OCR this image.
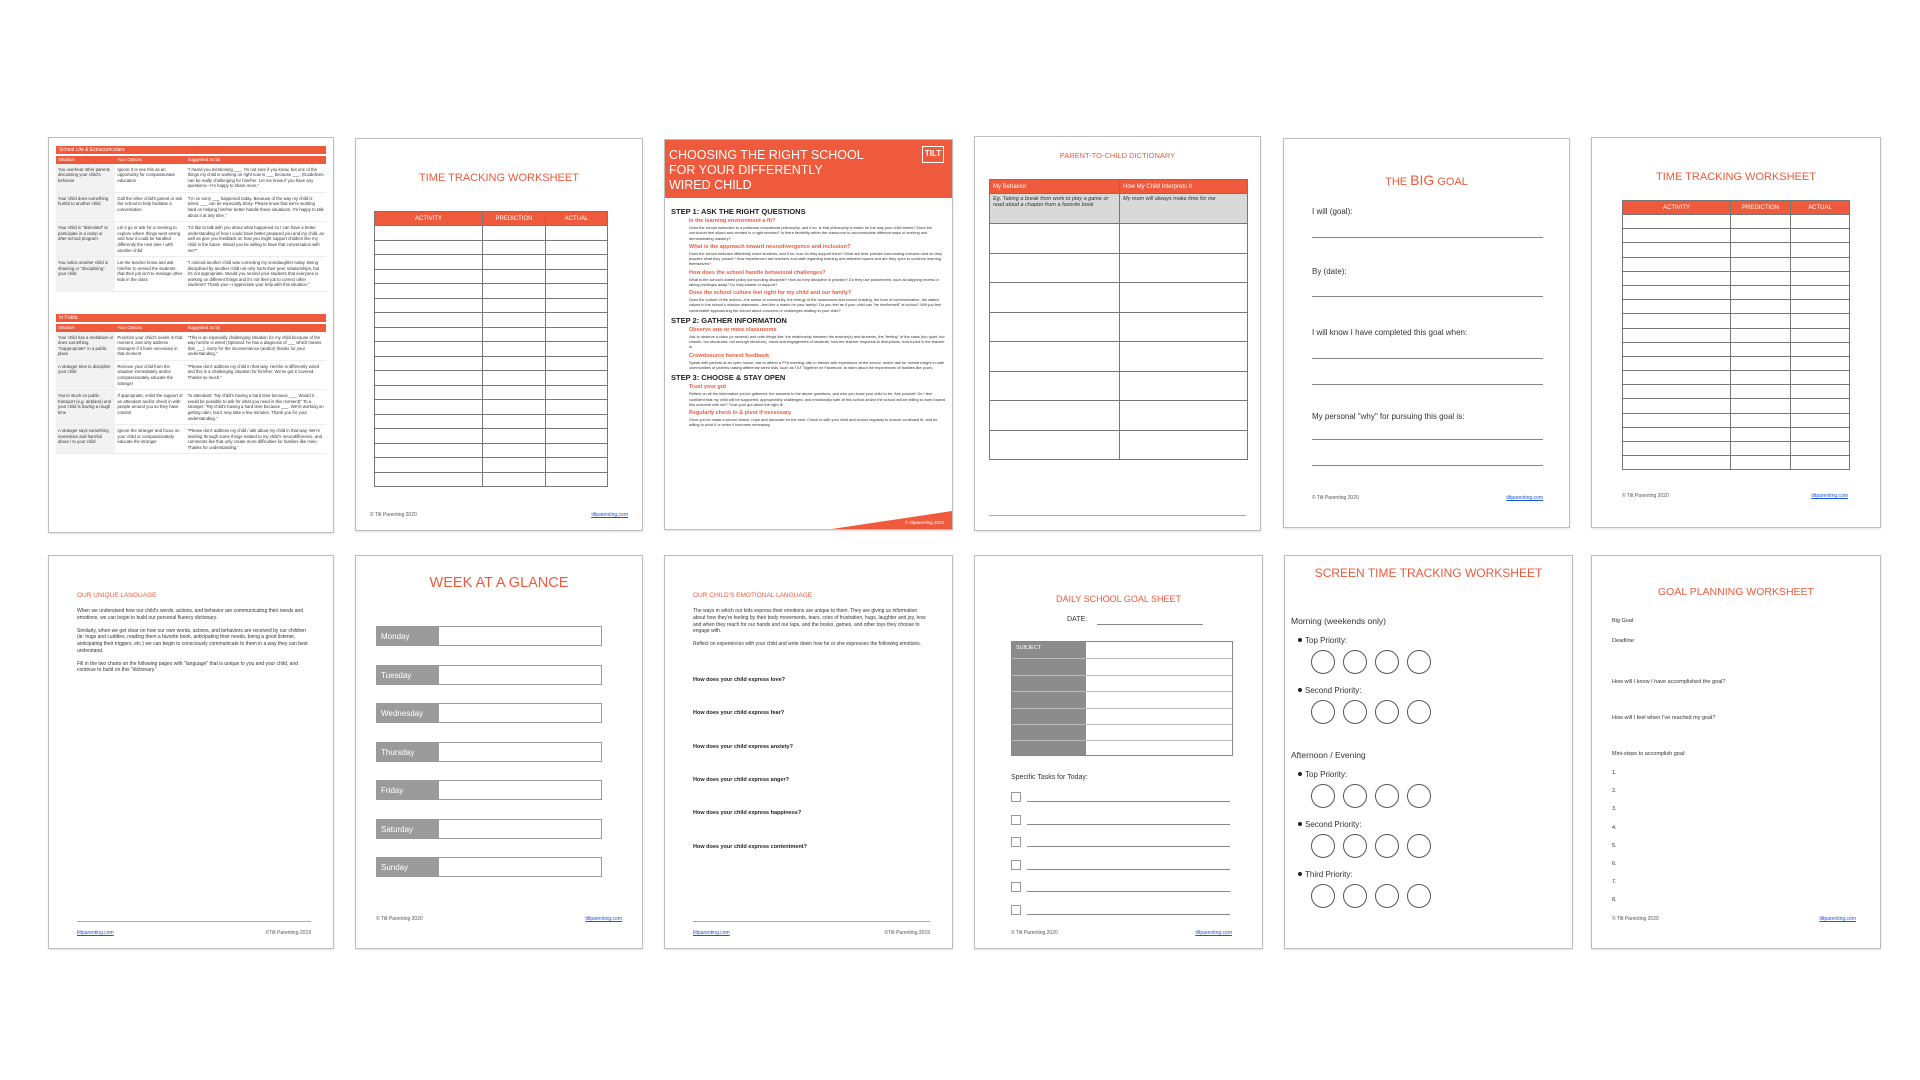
School Life & Extracurriculars
Situation	Your Options	Suggested Script
You overhear other parents discussing your child's behavior	Ignore it or see this as an opportunity for compassionate education	"I heard you mentioning ___. I'm not sure if you know, but one of the things my child is working on right now is ___ because ___. (Guidelines can be really challenging for him/her. Let me know if you have any questions—I'm happy to share more."
Your child does something hurtful to another child	Call the other child's parent or ask the school to help facilitate a conversation	"I'm so sorry ___ happened today. Because of the way my child is wired, ___ can be especially tricky. Please know that we're working hard on helping him/her better handle these situations. I'm happy to talk about it at any time."
Your child is "disinvited" to participate in a camp or after-school program	Let it go or ask for a meeting to explore where things went wrong and how it could be handled differently the next time / with another child	"I'd like to talk with you about what happened so I can have a better understanding of how I could have better prepared you and my child, as well as give you feedback on how you might support children like my child in the future. Would you be willing to have that conversation with me?"
You notice another child is shaming or "disciplining" your child	Let the teacher know and ask him/her to remind the students that their job isn't to manage other kids in the class	"I noticed another child was correcting my son/daughter today. Being disciplined by another child not only hurts their peer relationships, but it's not appropriate. Would you remind your students that everyone is working on different things and it's not their job to correct other students? Thank you—I appreciate your help with this situation."
In Public
Situation	Your Options	Suggested Script
Your child has a meltdown or does something "inappropriate" in a public place	Prioritize your child's needs in that moment, and only address strangers if it feels necessary in that moment	"This is an especially challenging situation for my child because of the way he/she is wired (Optional: he has a diagnosis of ___ which means that ___). Sorry for the inconvenience (and/or) thanks for your understanding."
A stranger tries to discipline your child	Remove your child from the situation immediately and/or compassionately educate the stranger	"Please don't address my child in that way. He/she is differently wired and this is a challenging situation for him/her. We've got it covered. Thanks so much."
You're stuck on public transport (e.g. airplane) and your child is having a rough time	If appropriate, enlist the support of an attendant and/or check in with people around you so they have context	To attendant: "My child's having a hard time because ___. Would it would be possible to ask for what you need in this moment)" To a stranger: "My child's having a hard time because ___. We're working on getting calm, but it may take a few minutes. Thank you for your understanding."
A stranger says something insensitive and harmful about / to your child	Ignore the stranger and focus on your child or compassionately educate the stranger	"Please don't address my child / talk about my child in that way. We're working through some things related to my child's neurodifference, and comments like that only create more difficulties for families like mine. Thanks for understanding."
TIME TRACKING WORKSHEET
ACTIVITY	PREDICTION	ACTUAL

© Tilt Parenting 2020	tiltparenting.com
CHOOSING THE RIGHT SCHOOL
FOR YOUR DIFFERENTLY
WIRED CHILD
TILT
STEP 1: ASK THE RIGHT QUESTIONS
Is the learning environment a fit?
Does the school subscribe to a particular educational philosophy, and if so, is that philosophy a match for the way your child learns? Does the curriculum feel siloed and created in a rigid mindset? Is there flexibility within the classroom to accommodate different ways of working and demonstrating mastery?
What is the approach toward neurodivergence and inclusion?
Does the school embrace differently wired students, and if so, how do they support them? What are their policies surrounding inclusion and do they practice what they preach? How experienced are teachers and staff regarding learning and attention issues and are they open to continue learning themselves?
How does the school handle behavioral challenges?
What is the school's stated policy surrounding discipline? How do they discipline in practice? Do they use punishment, such as skipping recess or taking privileges away? Do they shame or support?
Does the school culture feel right for my child and our family?
Does the culture of the school—the sense of community, the energy of the classrooms and school building, the tone of communication, the stated values in the school's mission statement—feel like a match for your family? Do you feel as if your child can "be him/herself" at school? Will you feel comfortable approaching the school about concerns or challenges relating to your child?
STEP 2: GATHER INFORMATION
Observe one or more classrooms
Ask to observe a class (or several) and note things like: the relationship between the teacher(s) and students, the "feeling" of the class (too quiet, too chaotic, too structured, not enough structure), mood and engagement of students, how the teacher responds to disruptions, how tuned in the teacher is.
Crowdsource honest feedback
Speak with parents at an open house, ask to attend a PTA meeting, talk to friends with experience at the school, and/or ask for honest insight in safe communities of parents raising differently wired kids, such as TiLT Together on Facebook, to learn about the experiences of families like yours.
STEP 3: CHOOSE & STAY OPEN
Trust your gut
Reflect on all the information you've gathered, the answers to the above questions, and who you know your child to be. Ask yourself: Do I feel confident that my child will be supported, appropriately challenged, and emotionally safe at this school and/or the school will be willing to work toward this outcome with me? Trust your gut about the right fit.
Regularly check in & pivot if necessary
Once you've made a school choice, hope and advocate for the best. Check in with your child and school regularly to ensure continued fit, and be willing to pivot if or when it becomes necessary.
© tiltparenting 2020
PARENT-TO-CHILD DICTIONARY
My Behavior	How My Child Interprets It
Eg. Taking a break from work to play a game or read aloud a chapter from a favorite book	My mom will always make time for me

THE BIG GOAL
I will (goal):
By (date):
I will know I have completed this goal when:
My personal "why" for pursuing this goal is:
© Tilt Parenting 2020	tiltparenting.com
TIME TRACKING WORKSHEET
ACTIVITY	PREDICTION	ACTUAL

© Tilt Parenting 2020	tiltparenting.com
OUR UNIQUE LANGUAGE

When we understand how our child's words, actions, and behavior are communicating their needs and emotions, we can begin to build our personal fluency dictionary.

Similarly, when we get clear on how our own words, actions, and behaviors are received by our children (ie: hugs and cuddles, reading them a favorite book, anticipating their needs, being a good listener, anticipating their triggers, etc.) we can begin to consciously communicate to them in a way they can best understand.

Fill in the two charts on the following pages with "language" that is unique to you and your child, and continue to build on this "dictionary."

tiltparenting.com	©Tilt Parenting 2019
WEEK AT A GLANCE
Monday
Tuesday
Wednesday
Thursday
Friday
Saturday
Sunday
© Tilt Parenting 2020	tiltparenting.com
OUR CHILD'S EMOTIONAL LANGUAGE

The ways in which our kids express their emotions are unique to them. They are giving us information about how they're feeling by their body movements, tears, cries of frustration, hugs, laughter and joy, how and when they reach for our hands and our laps, and the books, games, and other toys they choose to engage with.

Reflect on experiences with your child and write down how he or she expresses the following emotions.

How does your child express love?
How does your child express fear?
How does your child express anxiety?
How does your child express anger?
How does your child express happiness?
How does your child express contentment?
tiltparenting.com	©Tilt Parenting 2019
DAILY SCHOOL GOAL SHEET
DATE:
SUBJECT
Specific Tasks for Today:
© Tilt Parenting 2020	tiltparenting.com
SCREEN TIME TRACKING WORKSHEET
Morning (weekends only)
Top Priority:
Second Priority:
Afternoon / Evening
Top Priority:
Second Priority:
Third Priority:
GOAL PLANNING WORKSHEET
Big Goal:
Deadline:
How will I know I have accomplished the goal?
How will I feel when I've reached my goal?
Mini-steps to accomplish goal:
1.
2.
3.
4.
5.
6.
7.
8.
© Tilt Parenting 2020	tiltparenting.com
